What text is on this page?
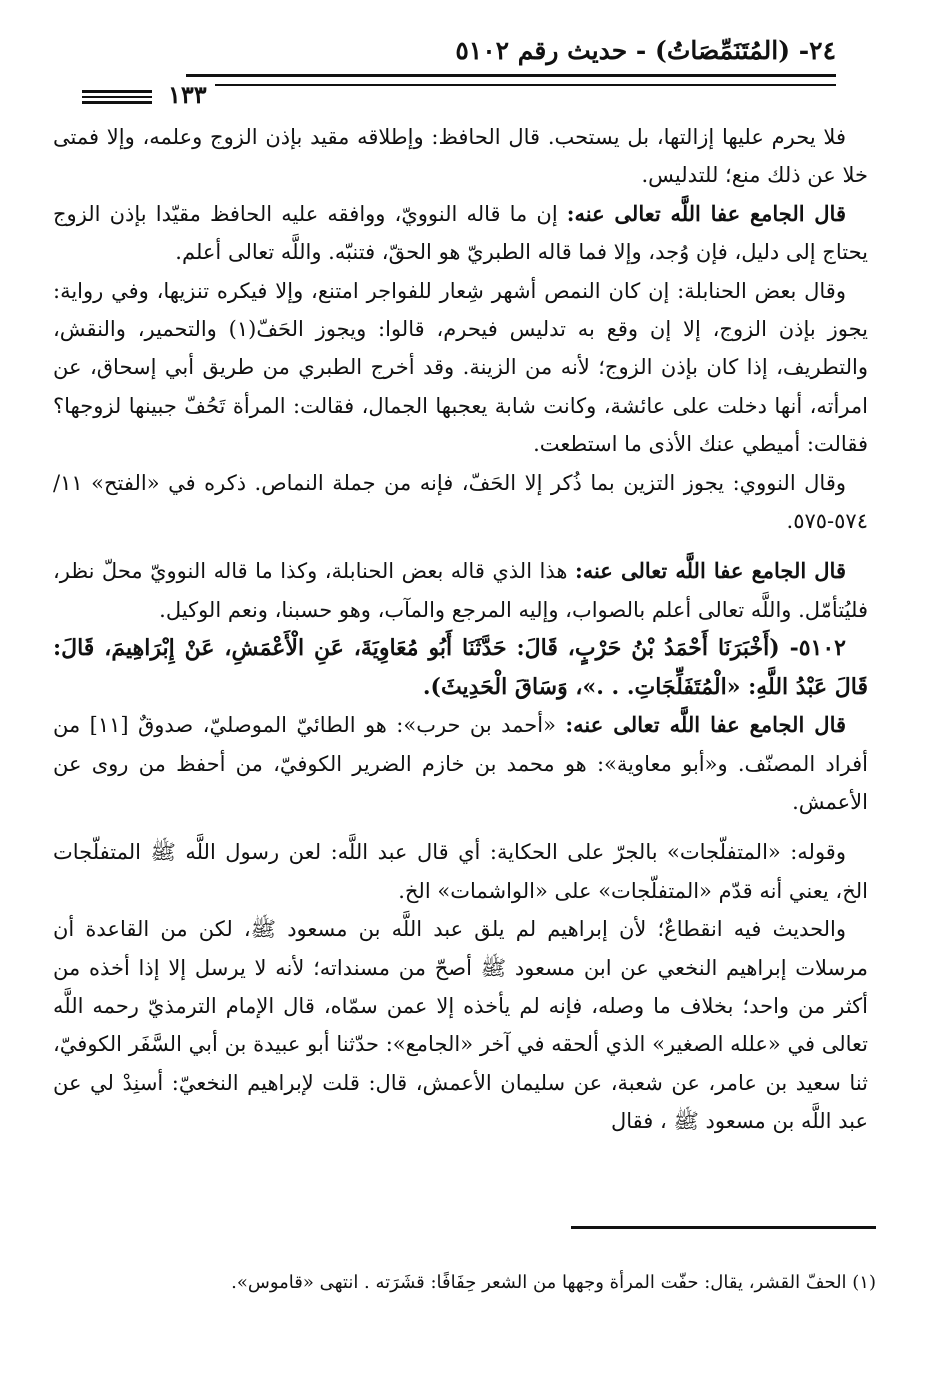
٢٤- (المُتَنَمِّصَاتُ) - حديث رقم ٥١٠٢
١٣٣

فلا يحرم عليها إزالتها، بل يستحب. قال الحافظ: وإطلاقه مقيد بإذن الزوج وعلمه، وإلا فمتى خلا عن ذلك منع؛ للتدليس.

قال الجامع عفا اللَّه تعالى عنه: إن ما قاله النوويّ، ووافقه عليه الحافظ مقيّدا بإذن الزوج يحتاج إلى دليل، فإن وُجد، وإلا فما قاله الطبريّ هو الحقّ، فتنبّه. واللَّه تعالى أعلم.

وقال بعض الحنابلة: إن كان النمص أشهر شِعار للفواجر امتنع، وإلا فيكره تنزيها، وفي رواية: يجوز بإذن الزوج، إلا إن وقع به تدليس فيحرم، قالوا: ويجوز الحَفّ(١) والتحمير، والنقش، والتطريف، إذا كان بإذن الزوج؛ لأنه من الزينة. وقد أخرج الطبري من طريق أبي إسحاق، عن امرأته، أنها دخلت على عائشة، وكانت شابة يعجبها الجمال، فقالت: المرأة تَحُفّ جبينها لزوجها؟ فقالت: أميطي عنك الأذى ما استطعت.

وقال النووي: يجوز التزين بما ذُكر إلا الحَفّ، فإنه من جملة النماص. ذكره في «الفتح» ١١/ ٥٧٤-٥٧٥.

قال الجامع عفا اللَّه تعالى عنه: هذا الذي قاله بعض الحنابلة، وكذا ما قاله النوويّ محلّ نظر، فليُتأمّل. واللَّه تعالى أعلم بالصواب، وإليه المرجع والمآب، وهو حسبنا، ونعم الوكيل.

٥١٠٢- (أَخْبَرَنَا أَحْمَدُ بْنُ حَرْبٍ، قَالَ: حَدَّثَنَا أَبُو مُعَاوِيَةَ، عَنِ الْأَعْمَشِ، عَنْ إِبْرَاهِيمَ، قَالَ: قَالَ عَبْدُ اللَّهِ: «الْمُتَفَلِّجَاتِ. . .»، وَسَاقَ الْحَدِيثَ).

قال الجامع عفا اللَّه تعالى عنه: «أحمد بن حرب»: هو الطائيّ الموصليّ، صدوقٌ [١١] من أفراد المصنّف. و«أبو معاوية»: هو محمد بن خازم الضرير الكوفيّ، من أحفظ من روى عن الأعمش.

وقوله: «المتفلّجات» بالجرّ على الحكاية: أي قال عبد اللَّه: لعن رسول اللَّه ﷺ المتفلّجات الخ، يعني أنه قدّم «المتفلّجات» على «الواشمات» الخ.

والحديث فيه انقطاعٌ؛ لأن إبراهيم لم يلق عبد اللَّه بن مسعود ﷺ، لكن من القاعدة أن مرسلات إبراهيم النخعي عن ابن مسعود ﷺ أصحّ من مسنداته؛ لأنه لا يرسل إلا إذا أخذه من أكثر من واحد؛ بخلاف ما وصله، فإنه لم يأخذه إلا عمن سمّاه، قال الإمام الترمذيّ رحمه اللَّه تعالى في «علله الصغير» الذي ألحقه في آخر «الجامع»: حدّثنا أبو عبيدة بن أبي السَّفَر الكوفيّ، ثنا سعيد بن عامر، عن شعبة، عن سليمان الأعمش، قال: قلت لإبراهيم النخعيّ: أسنِدْ لي عن عبد اللَّه بن مسعود ﷺ ، فقال

(١) الحفّ القشر، يقال: حفّت المرأة وجهها من الشعر حِفَافًا: قشَرَته . انتهى «قاموس».
